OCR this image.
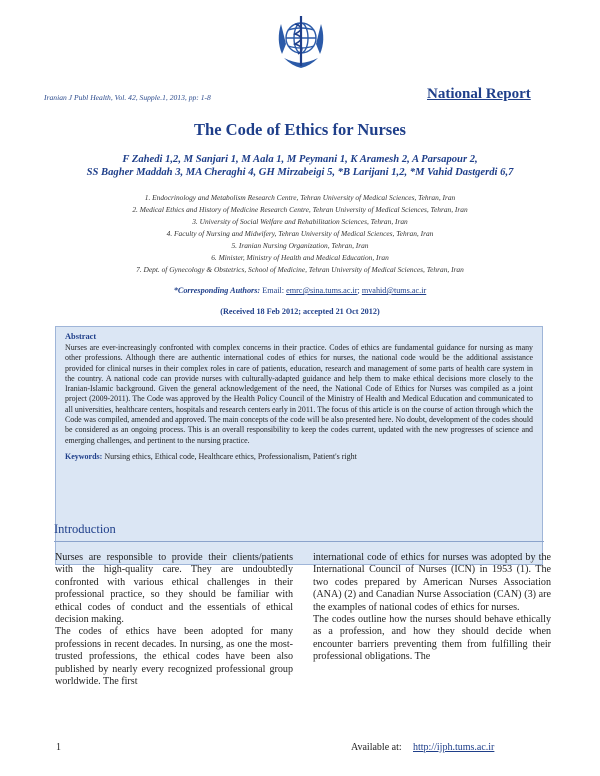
Iranian J Publ Health, Vol. 42, Supple.1, 2013, pp: 1-8	National Report
The Code of Ethics for Nurses
F Zahedi 1,2, M Sanjari 1, M Aala 1, M Peymani 1, K Aramesh 2, A Parsapour 2,
SS Bagher Maddah 3, MA Cheraghi 4, GH Mirzabeigi 5, *B Larijani 1,2, *M Vahid Dastgerdi 6,7
1. Endocrinology and Metabolism Research Centre, Tehran University of Medical Sciences, Tehran, Iran
2. Medical Ethics and History of Medicine Research Centre, Tehran University of Medical Sciences, Tehran, Iran
3. University of Social Welfare and Rehabilitation Sciences, Tehran, Iran
4. Faculty of Nursing and Midwifery, Tehran University of Medical Sciences, Tehran, Iran
5. Iranian Nursing Organization, Tehran, Iran
6. Minister, Ministry of Health and Medical Education, Iran
7. Dept. of Gynecology & Obstetrics, School of Medicine, Tehran University of Medical Sciences, Tehran, Iran
*Corresponding Authors: Email: emrc@sina.tums.ac.ir; mvahid@tums.ac.ir
(Received 18 Feb 2012; accepted 21 Oct 2012)
Abstract
Nurses are ever-increasingly confronted with complex concerns in their practice. Codes of ethics are fundamental guidance for nursing as many other professions. Although there are authentic international codes of ethics for nurses, the national code would be the additional assistance provided for clinical nurses in their complex roles in care of patients, education, research and management of some parts of health care system in the country. A national code can provide nurses with culturally-adapted guidance and help them to make ethical decisions more closely to the Iranian-Islamic background. Given the general acknowledgement of the need, the National Code of Ethics for Nurses was compiled as a joint project (2009-2011). The Code was approved by the Health Policy Council of the Ministry of Health and Medical Education and communicated to all universities, healthcare centers, hospitals and research centers early in 2011. The focus of this article is on the course of action through which the Code was compiled, amended and approved. The main concepts of the code will be also presented here. No doubt, development of the codes should be considered as an ongoing process. This is an overall responsibility to keep the codes current, updated with the new progresses of science and emerging challenges, and pertinent to the nursing practice.
Keywords: Nursing ethics, Ethical code, Healthcare ethics, Professionalism, Patient's right
Introduction

Nurses are responsible to provide their clients/patients with the high-quality care. They are undoubtedly confronted with various ethical challenges in their professional practice, so they should be familiar with ethical codes of conduct and the essentials of ethical decision making.

The codes of ethics have been adopted for many professions in recent decades. In nursing, as one the most-trusted professions, the ethical codes have been also published by nearly every recognized professional group worldwide. The first

international code of ethics for nurses was adopted by the International Council of Nurses (ICN) in 1953 (1). The two codes prepared by American Nurses Association (ANA) (2) and Canadian Nurse Association (CAN) (3) are the examples of national codes of ethics for nurses.

The codes outline how the nurses should behave ethically as a profession, and how they should decide when encounter barriers preventing them from fulfilling their professional obligations. The

1	Available at: http://ijph.tums.ac.ir
